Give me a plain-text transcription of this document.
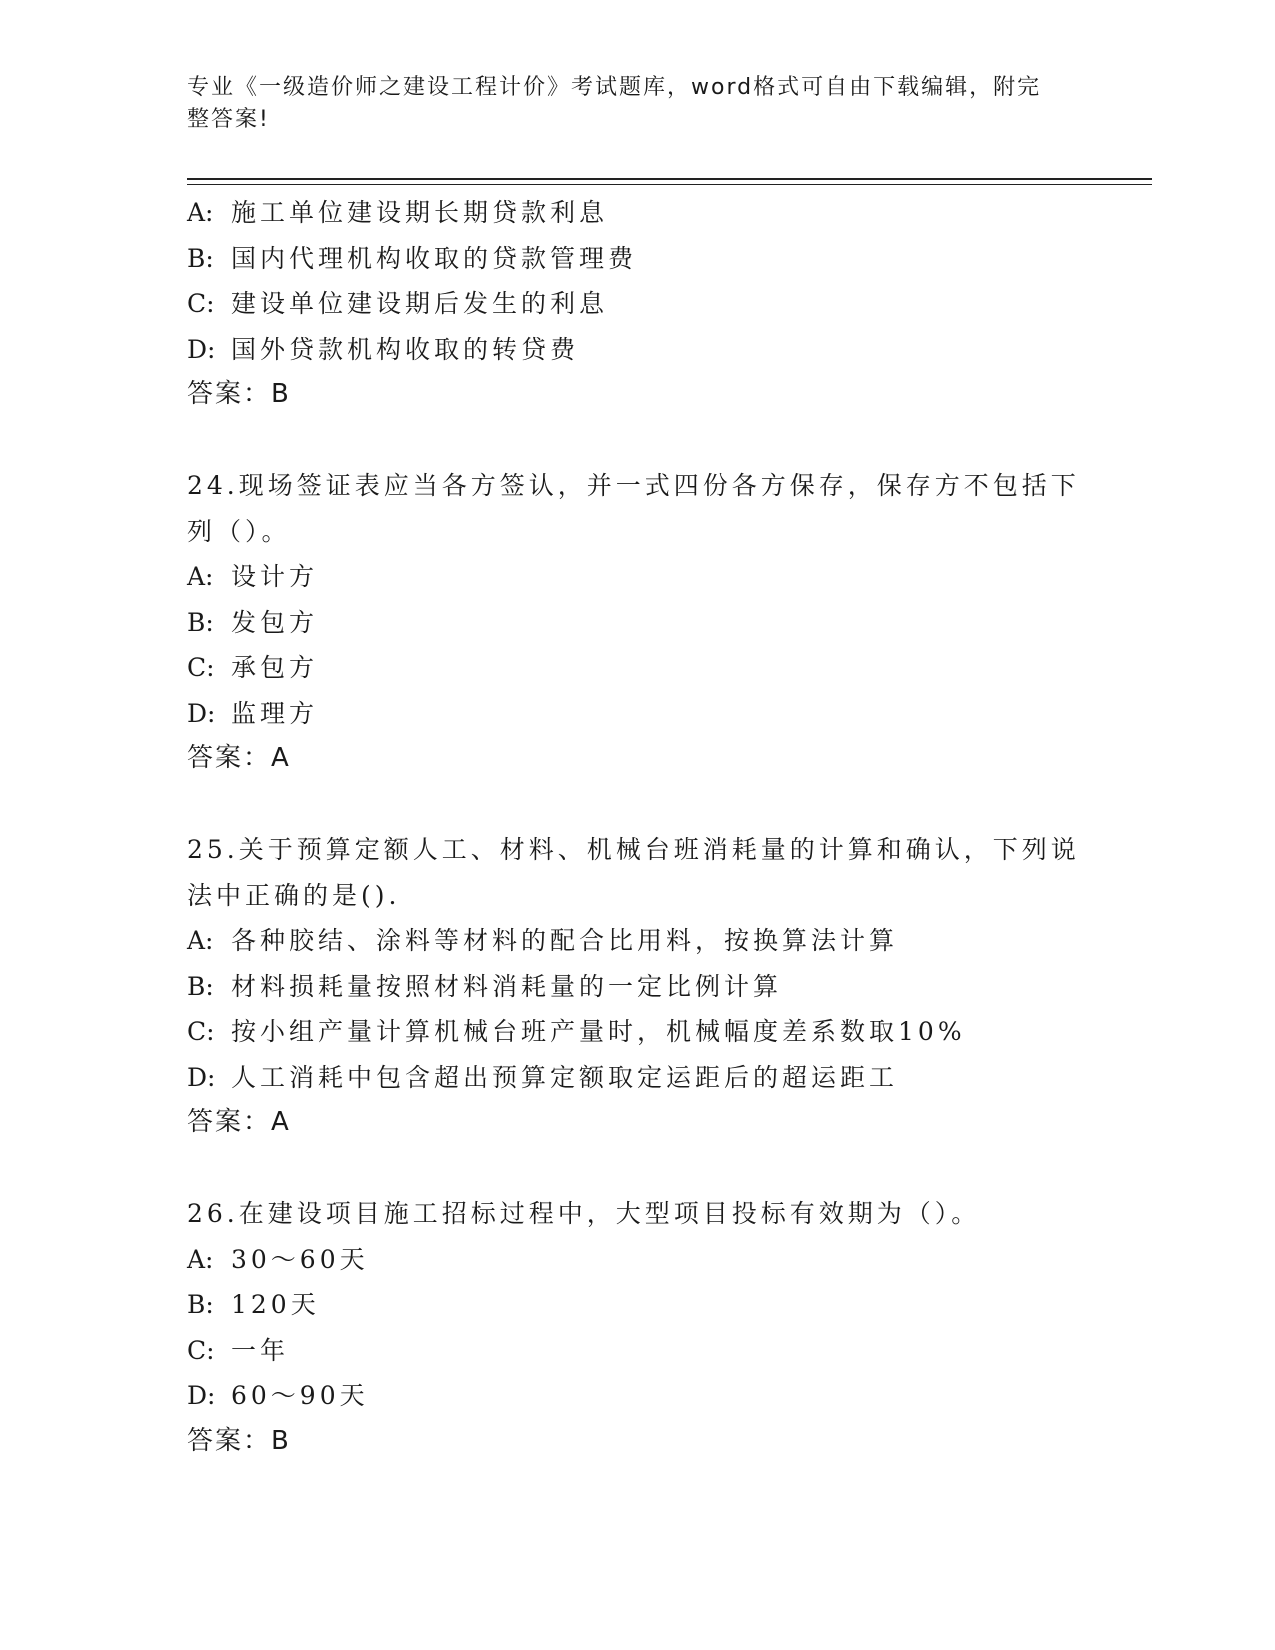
专业《一级造价师之建设工程计价》考试题库，word格式可自由下载编辑，附完
整答案!
A: 施工单位建设期长期贷款利息
B: 国内代理机构收取的贷款管理费
C: 建设单位建设期后发生的利息
D: 国外贷款机构收取的转贷费
答案：B
24.现场签证表应当各方签认，并一式四份各方保存，保存方不包括下
列（）。
A: 设计方
B: 发包方
C: 承包方
D: 监理方
答案：A
25.关于预算定额人工、材料、机械台班消耗量的计算和确认，下列说
法中正确的是().
A: 各种胶结、涂料等材料的配合比用料，按换算法计算
B: 材料损耗量按照材料消耗量的一定比例计算
C: 按小组产量计算机械台班产量时，机械幅度差系数取10%
D: 人工消耗中包含超出预算定额取定运距后的超运距工
答案：A
26.在建设项目施工招标过程中，大型项目投标有效期为（）。
A: 30～60天
B: 120天
C: 一年
D: 60～90天
答案：B
